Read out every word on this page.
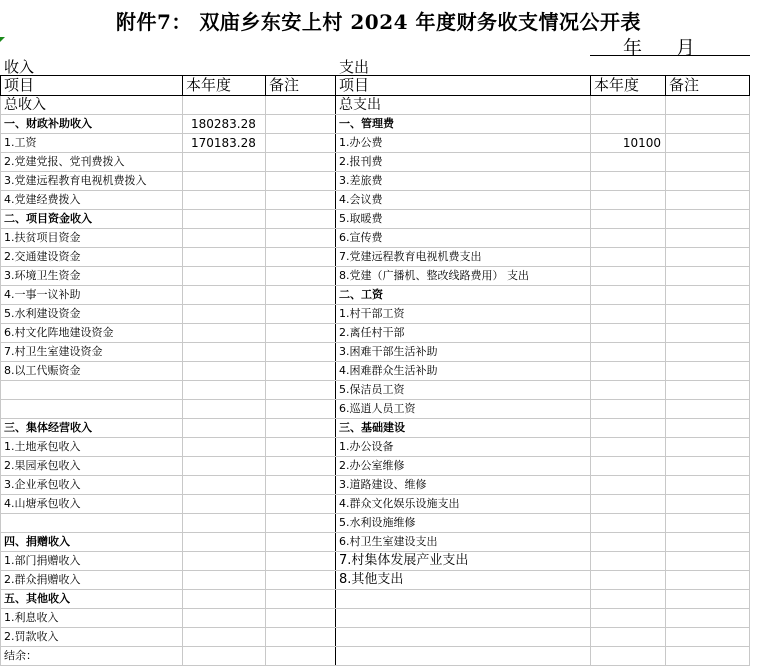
附件7： 双庙乡东安上村 2024 年度财务收支情况公开表
年 月
收入	支出
项目	本年度	备注	项目	本年度	备注
总收入			总支出		
一、财政补助收入	180283.28		一、管理费		
1.工资	170183.28		1.办公费	10100	
2.党建党报、党刊费拨入			2.报刊费		
3.党建远程教育电视机费拨入			3.差旅费		
4.党建经费拨入			4.会议费		
二、项目资金收入			5.取暖费		
1.扶贫项目资金			6.宣传费		
2.交通建设资金			7.党建远程教育电视机费支出		
3.环境卫生资金			8.党建（广播机、整改线路费用） 支出		
4.一事一议补助			二、工资		
5.水利建设资金			1.村干部工资		
6.村文化阵地建设资金			2.离任村干部		
7.村卫生室建设资金			3.困难干部生活补助		
8.以工代赈资金			4.困难群众生活补助		
			5.保洁员工资		
			6.巡逍人员工资		
三、集体经营收入			三、基础建设		
1.土地承包收入			1.办公设备		
2.果园承包收入			2.办公室维修		
3.企业承包收入			3.道路建设、维修		
4.山塘承包收入			4.群众文化娱乐设施支出		
			5.水利设施维修		
四、捐赠收入			6.村卫生室建设支出		
1.部门捐赠收入			7.村集体发展产业支出		
2.群众捐赠收入			8.其他支出		
五、其他收入					
1.利息收入					
2.罚款收入					
结余：					
